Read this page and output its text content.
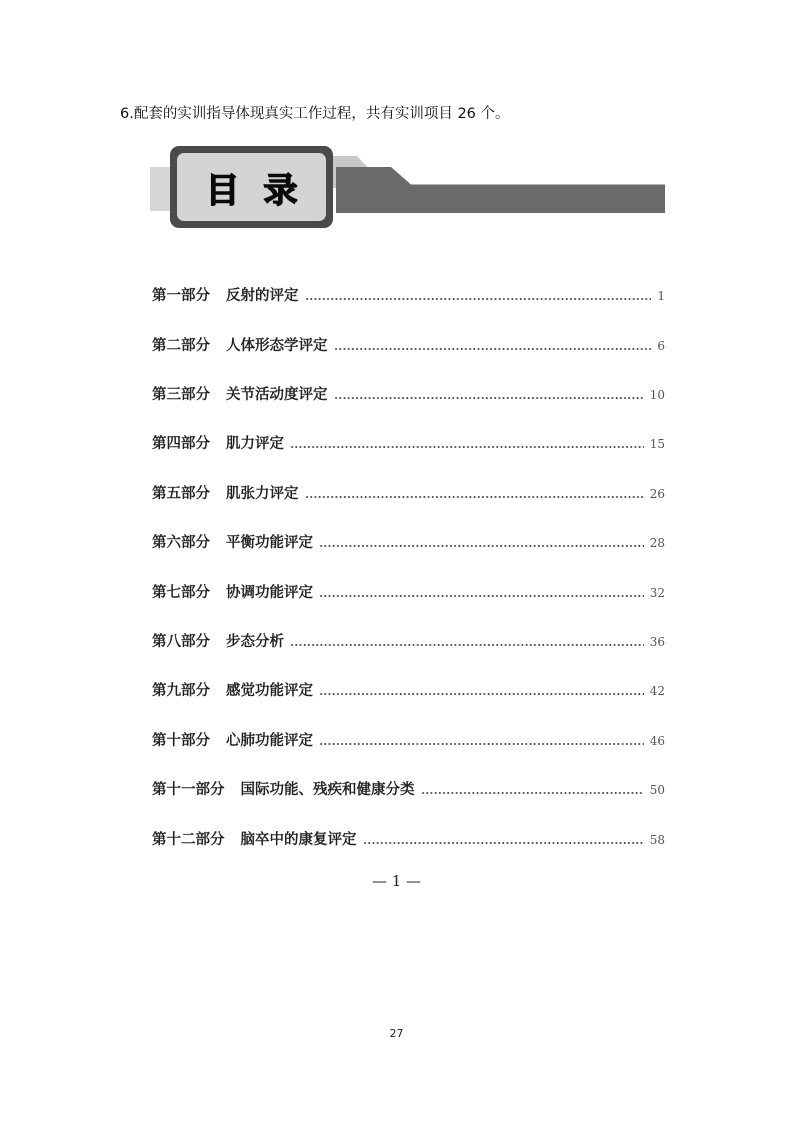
6.配套的实训指导体现真实工作过程，共有实训项目 26 个。
目 录
第一部分 反射的评定	1
第二部分 人体形态学评定	6
第三部分 关节活动度评定	10
第四部分 肌力评定	15
第五部分 肌张力评定	26
第六部分 平衡功能评定	28
第七部分 协调功能评定	32
第八部分 步态分析	36
第九部分 感觉功能评定	42
第十部分 心肺功能评定	46
第十一部分 国际功能、残疾和健康分类	50
第十二部分 脑卒中的康复评定	58
— 1 —
27
